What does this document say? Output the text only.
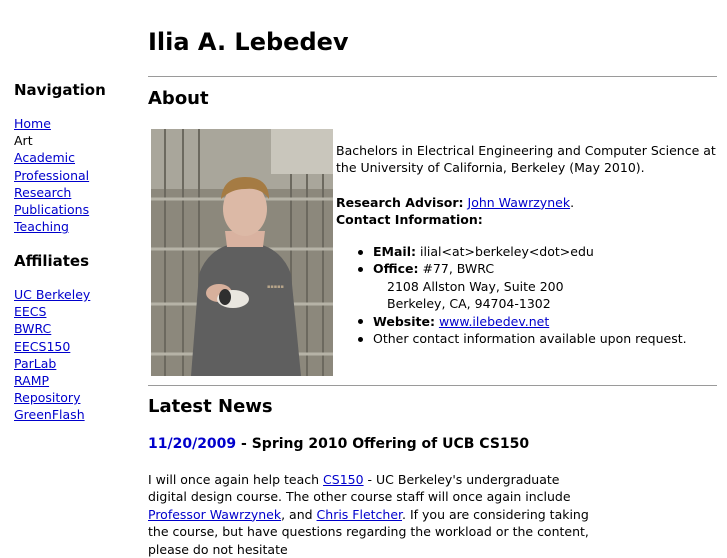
Ilia A. Lebedev
Navigation
Home
Art
Academic
Professional
Research
Publications
Teaching
Affiliates
UC Berkeley
EECS
BWRC
EECS150
ParLab
RAMP
Repository
GreenFlash
About
▪▪▪▪▪

Bachelors in Electrical Engineering and Computer Science at the University of California, Berkeley (May 2010).

Research Advisor: John Wawrzynek.

Contact Information:

EMail: ilial<at>berkeley<dot>edu
Office: #77, BWRC
2108 Allston Way, Suite 200
Berkeley, CA, 94704-1302
Website: www.ilebedev.net
Other contact information available upon request.
Latest News
11/20/2009 - Spring 2010 Offering of UCB CS150

I will once again help teach CS150 - UC Berkeley's undergraduate digital design course. The other course staff will once again include Professor Wawrzynek, and Chris Fletcher. If you are considering taking the course, but have questions regarding the workload or the content, please do not hesitate
